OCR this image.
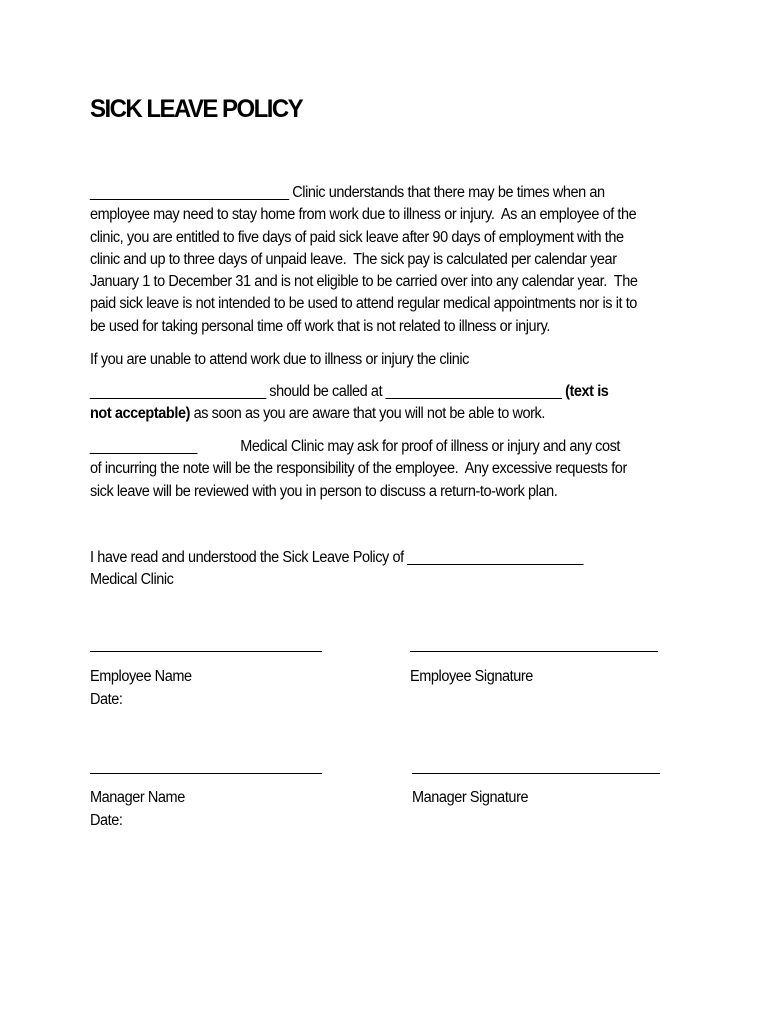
SICK LEAVE POLICY
__________________________ Clinic understands that there may be times when an
employee may need to stay home from work due to illness or injury.  As an employee of the
clinic, you are entitled to five days of paid sick leave after 90 days of employment with the
clinic and up to three days of unpaid leave.  The sick pay is calculated per calendar year
January 1 to December 31 and is not eligible to be carried over into any calendar year.  The
paid sick leave is not intended to be used to attend regular medical appointments nor is it to
be used for taking personal time off work that is not related to illness or injury.
If you are unable to attend work due to illness or injury the clinic
_______________________ should be called at _______________________ (text is
not acceptable) as soon as you are aware that you will not be able to work.
______________            Medical Clinic may ask for proof of illness or injury and any cost
of incurring the note will be the responsibility of the employee.  Any excessive requests for
sick leave will be reviewed with you in person to discuss a return-to-work plan.
I have read and understood the Sick Leave Policy of _______________________
Medical Clinic
Employee Name
Date:
Employee Signature
Manager Name
Date:
Manager Signature
